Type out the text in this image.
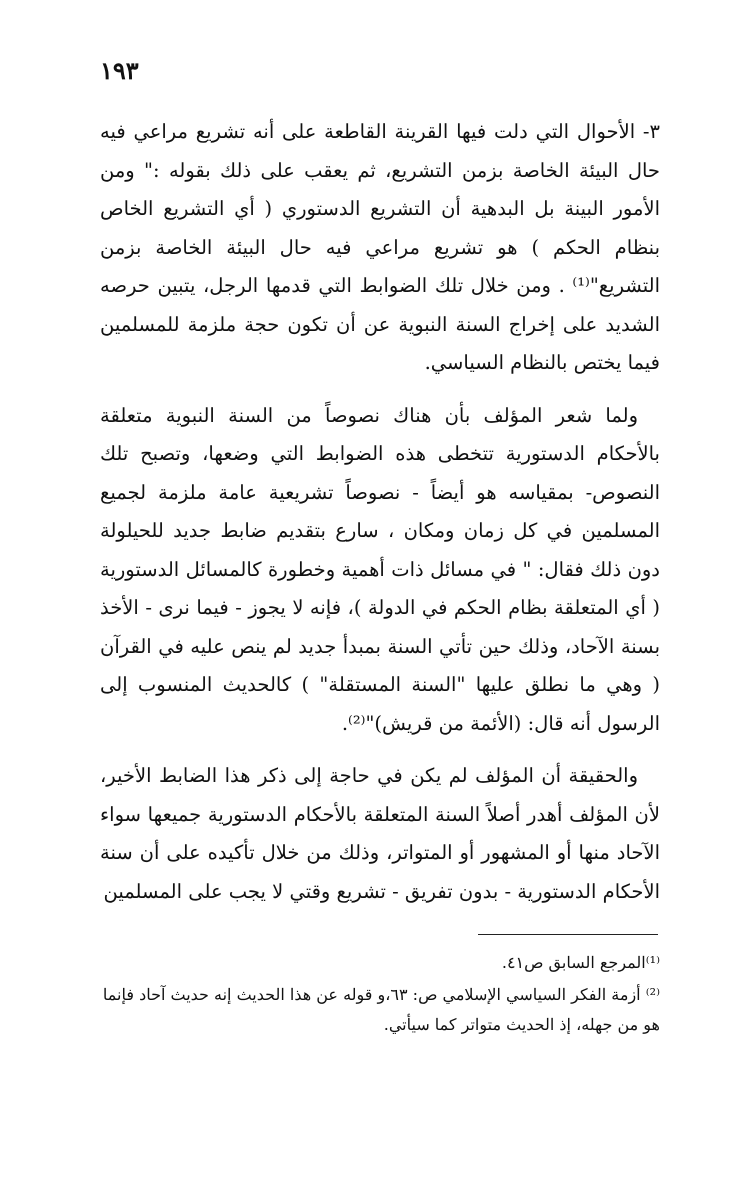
١٩٣

٣- الأحوال التي دلت فيها القرينة القاطعة على أنه تشريع مراعي فيه حال البيئة الخاصة بزمن التشريع، ثم يعقب على ذلك بقوله :" ومن الأمور البينة بل البدهية أن التشريع الدستوري ( أي التشريع الخاص بنظام الحكم ) هو تشريع مراعي فيه حال البيئة الخاصة بزمن التشريع"⁽¹⁾ . ومن خلال تلك الضوابط التي قدمها الرجل، يتبين حرصه الشديد على إخراج السنة النبوية عن أن تكون حجة ملزمة للمسلمين فيما يختص بالنظام السياسي.

ولما شعر المؤلف بأن هناك نصوصاً من السنة النبوية متعلقة بالأحكام الدستورية تتخطى هذه الضوابط التي وضعها، وتصبح تلك النصوص- بمقياسه هو أيضاً - نصوصاً تشريعية عامة ملزمة لجميع المسلمين في كل زمان ومكان ، سارع بتقديم ضابط جديد للحيلولة دون ذلك فقال: " في مسائل ذات أهمية وخطورة كالمسائل الدستورية ( أي المتعلقة بظام الحكم في الدولة )، فإنه لا يجوز - فيما نرى - الأخذ بسنة الآحاد، وذلك حين تأتي السنة بمبدأ جديد لم ينص عليه في القرآن ( وهي ما نطلق عليها "السنة المستقلة" ) كالحديث المنسوب إلى الرسول أنه قال: (الأئمة من قريش)"⁽²⁾.

والحقيقة أن المؤلف لم يكن في حاجة إلى ذكر هذا الضابط الأخير، لأن المؤلف أهدر أصلاً السنة المتعلقة بالأحكام الدستورية جميعها سواء الآحاد منها أو المشهور أو المتواتر، وذلك من خلال تأكيده على أن سنة الأحكام الدستورية - بدون تفريق - تشريع وقتي لا يجب على المسلمين

⁽¹⁾المرجع السابق ص٤١.

⁽²⁾ أزمة الفكر السياسي الإسلامي ص: ٦٣،و قوله عن هذا الحديث إنه حديث آحاد فإنما هو من جهله، إذ الحديث متواتر كما سيأتي.
